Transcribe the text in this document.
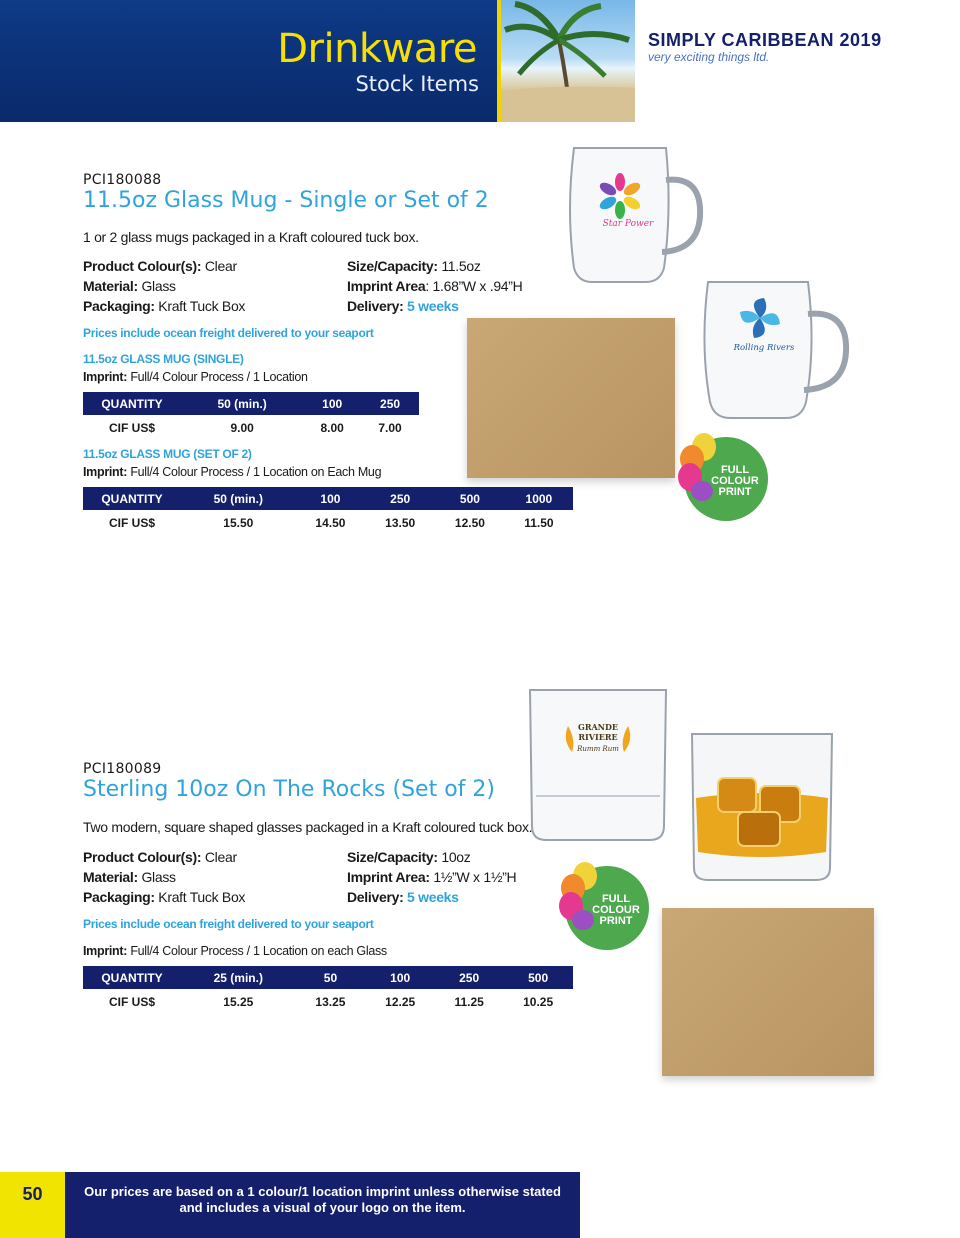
Drinkware
Stock Items
SIMPLY CARIBBEAN 2019
very exciting things ltd.
Star Power
Rolling Rivers
FULL
COLOUR
PRINT
PCI180088
11.5oz Glass Mug - Single or Set of 2
1 or 2 glass mugs packaged in a Kraft coloured tuck box.
Product Colour(s): Clear
Material: Glass
Packaging: Kraft Tuck Box
Size/Capacity: 11.5oz
Imprint Area: 1.68”W x .94”H
Delivery: 5 weeks
Prices include ocean freight delivered to your seaport
11.5oz GLASS MUG (SINGLE)
Imprint: Full/4 Colour Process / 1 Location
QUANTITY	50 (min.)	100	250
CIF US$	9.00	8.00	7.00
11.5oz GLASS MUG (SET OF 2)
Imprint: Full/4 Colour Process / 1 Location on Each Mug
QUANTITY	50 (min.)	100	250	500	1000
CIF US$	15.50	14.50	13.50	12.50	11.50
GRANDE
RIVIERE
Rumm Rum
FULL
COLOUR
PRINT
PCI180089
Sterling 10oz On The Rocks (Set of 2)
Two modern, square shaped glasses packaged in a Kraft coloured tuck box.
Product Colour(s): Clear
Material: Glass
Packaging: Kraft Tuck Box
Size/Capacity: 10oz
Imprint Area: 1½”W x 1½”H
Delivery: 5 weeks
Prices include ocean freight delivered to your seaport
Imprint: Full/4 Colour Process / 1 Location on each Glass
QUANTITY	25 (min.)	50	100	250	500
CIF US$	15.25	13.25	12.25	11.25	10.25
50	Our prices are based on a 1 colour/1 location imprint unless otherwise stated
and includes a visual of your logo on the item.
